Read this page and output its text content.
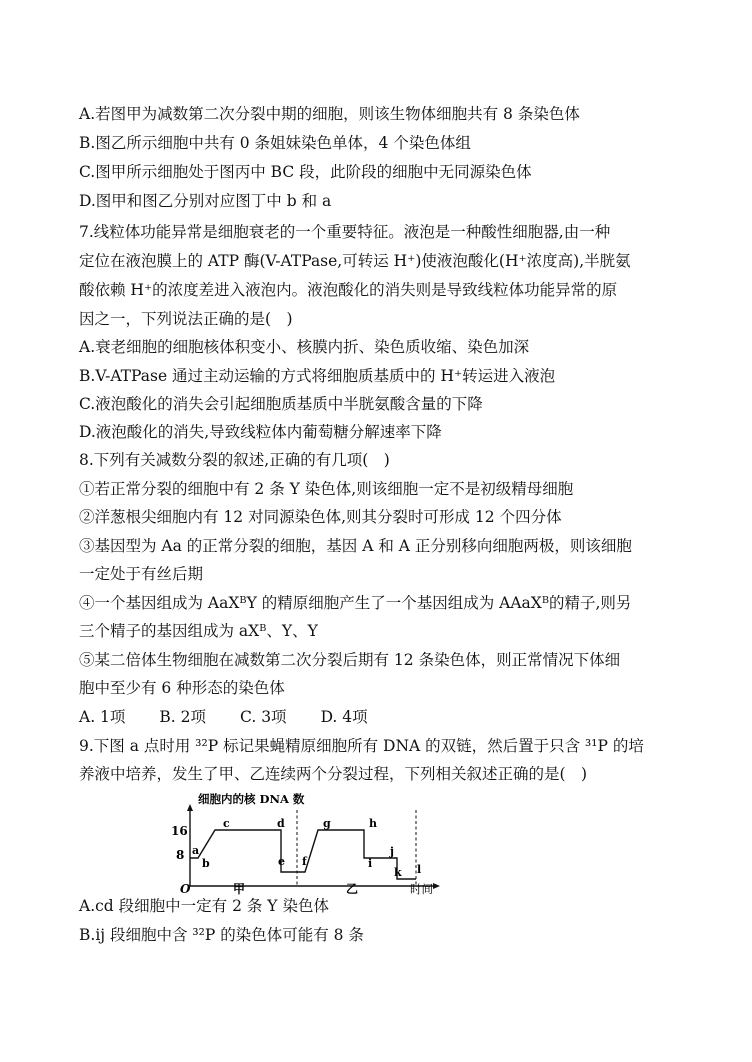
A.若图甲为减数第二次分裂中期的细胞，则该生物体细胞共有 8 条染色体
B.图乙所示细胞中共有 0 条姐妹染色单体，4 个染色体组
C.图甲所示细胞处于图丙中 BC 段，此阶段的细胞中无同源染色体
D.图甲和图乙分别对应图丁中 b 和 a
7.线粒体功能异常是细胞衰老的一个重要特征。液泡是一种酸性细胞器,由一种
定位在液泡膜上的 ATP 酶(V-ATPase,可转运 H⁺)使液泡酸化(H⁺浓度高),半胱氨
酸依赖 H⁺的浓度差进入液泡内。液泡酸化的消失则是导致线粒体功能异常的原
因之一，下列说法正确的是(　)
A.衰老细胞的细胞核体积变小、核膜内折、染色质收缩、染色加深
B.V-ATPase 通过主动运输的方式将细胞质基质中的 H⁺转运进入液泡
C.液泡酸化的消失会引起细胞质基质中半胱氨酸含量的下降
D.液泡酸化的消失,导致线粒体内葡萄糖分解速率下降
8.下列有关减数分裂的叙述,正确的有几项(　)
①若正常分裂的细胞中有 2 条 Y 染色体,则该细胞一定不是初级精母细胞
②洋葱根尖细胞内有 12 对同源染色体,则其分裂时可形成 12 个四分体
③基因型为 Aa 的正常分裂的细胞，基因 A 和 A 正分别移向细胞两极，则该细胞
一定处于有丝后期
④一个基因组成为 AaXᴮY 的精原细胞产生了一个基因组成为 AAaXᴮ的精子,则另
三个精子的基因组成为 aXᴮ、Y、Y
⑤某二倍体生物细胞在减数第二次分裂后期有 12 条染色体，则正常情况下体细
胞中至少有 6 种形态的染色体
A. 1项 B. 2项 C. 3项 D. 4项
9.下图 a 点时用 ³²P 标记果蝇精原细胞所有 DNA 的双链，然后置于只含 ³¹P 的培
养液中培养，发生了甲、乙连续两个分裂过程，下列相关叙述正确的是(　)
细胞内的核 DNA 数
16
8
O	甲	乙	时间
a
b
c	d
e f
g	h
i
j
k l
A.cd 段细胞中一定有 2 条 Y 染色体
B.ij 段细胞中含 ³²P 的染色体可能有 8 条
